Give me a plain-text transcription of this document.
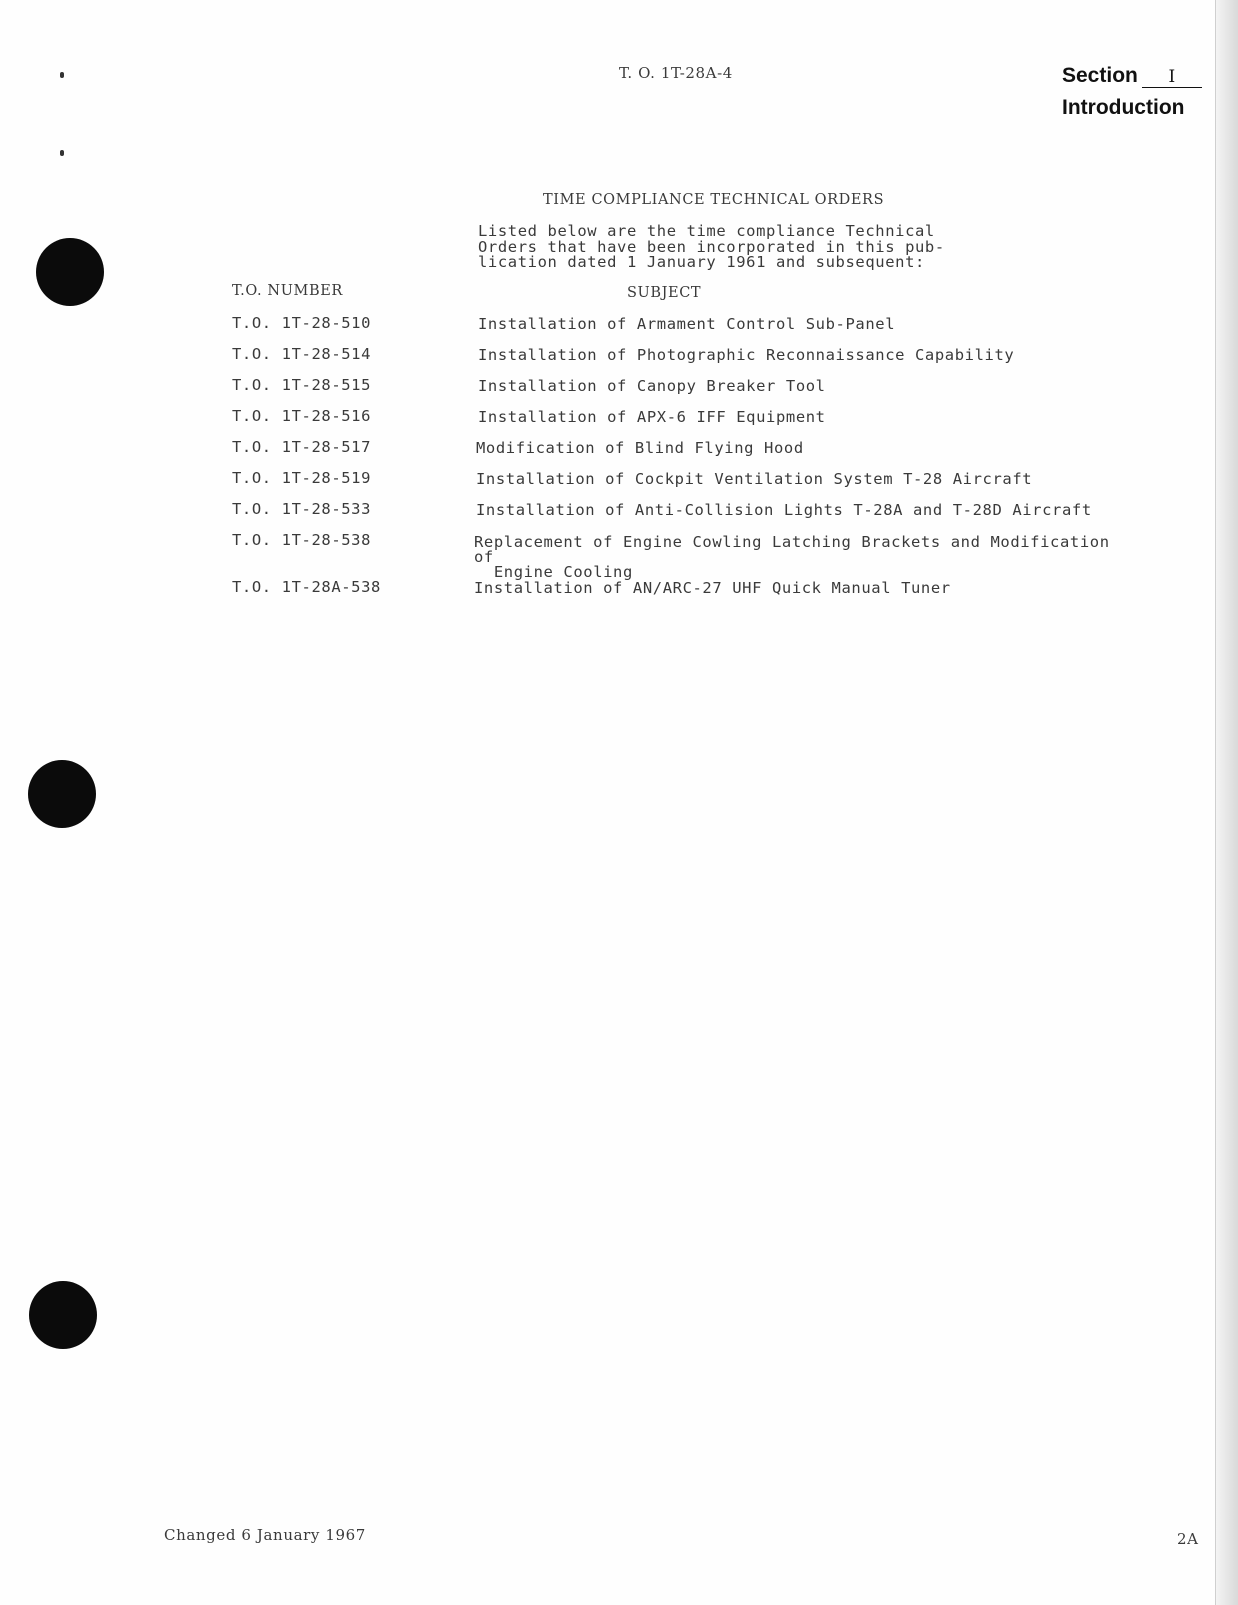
T. O. 1T-28A-4	Section I
Introduction
TIME COMPLIANCE TECHNICAL ORDERS
Listed below are the time compliance Technical
Orders that have been incorporated in this pub-
lication dated 1 January 1961 and subsequent:
T.O. NUMBER	SUBJECT
T.O. 1T-28-510	Installation of Armament Control Sub-Panel
T.O. 1T-28-514	Installation of Photographic Reconnaissance Capability
T.O. 1T-28-515	Installation of Canopy Breaker Tool
T.O. 1T-28-516	Installation of APX-6 IFF Equipment
T.O. 1T-28-517	Modification of Blind Flying Hood
T.O. 1T-28-519	Installation of Cockpit Ventilation System T-28 Aircraft
T.O. 1T-28-533	Installation of Anti-Collision Lights T-28A and T-28D Aircraft
T.O. 1T-28-538	Replacement of Engine Cowling Latching Brackets and Modification of
Engine Cooling
T.O. 1T-28A-538	Installation of AN/ARC-27 UHF Quick Manual Tuner
Changed 6 January 1967	2A
